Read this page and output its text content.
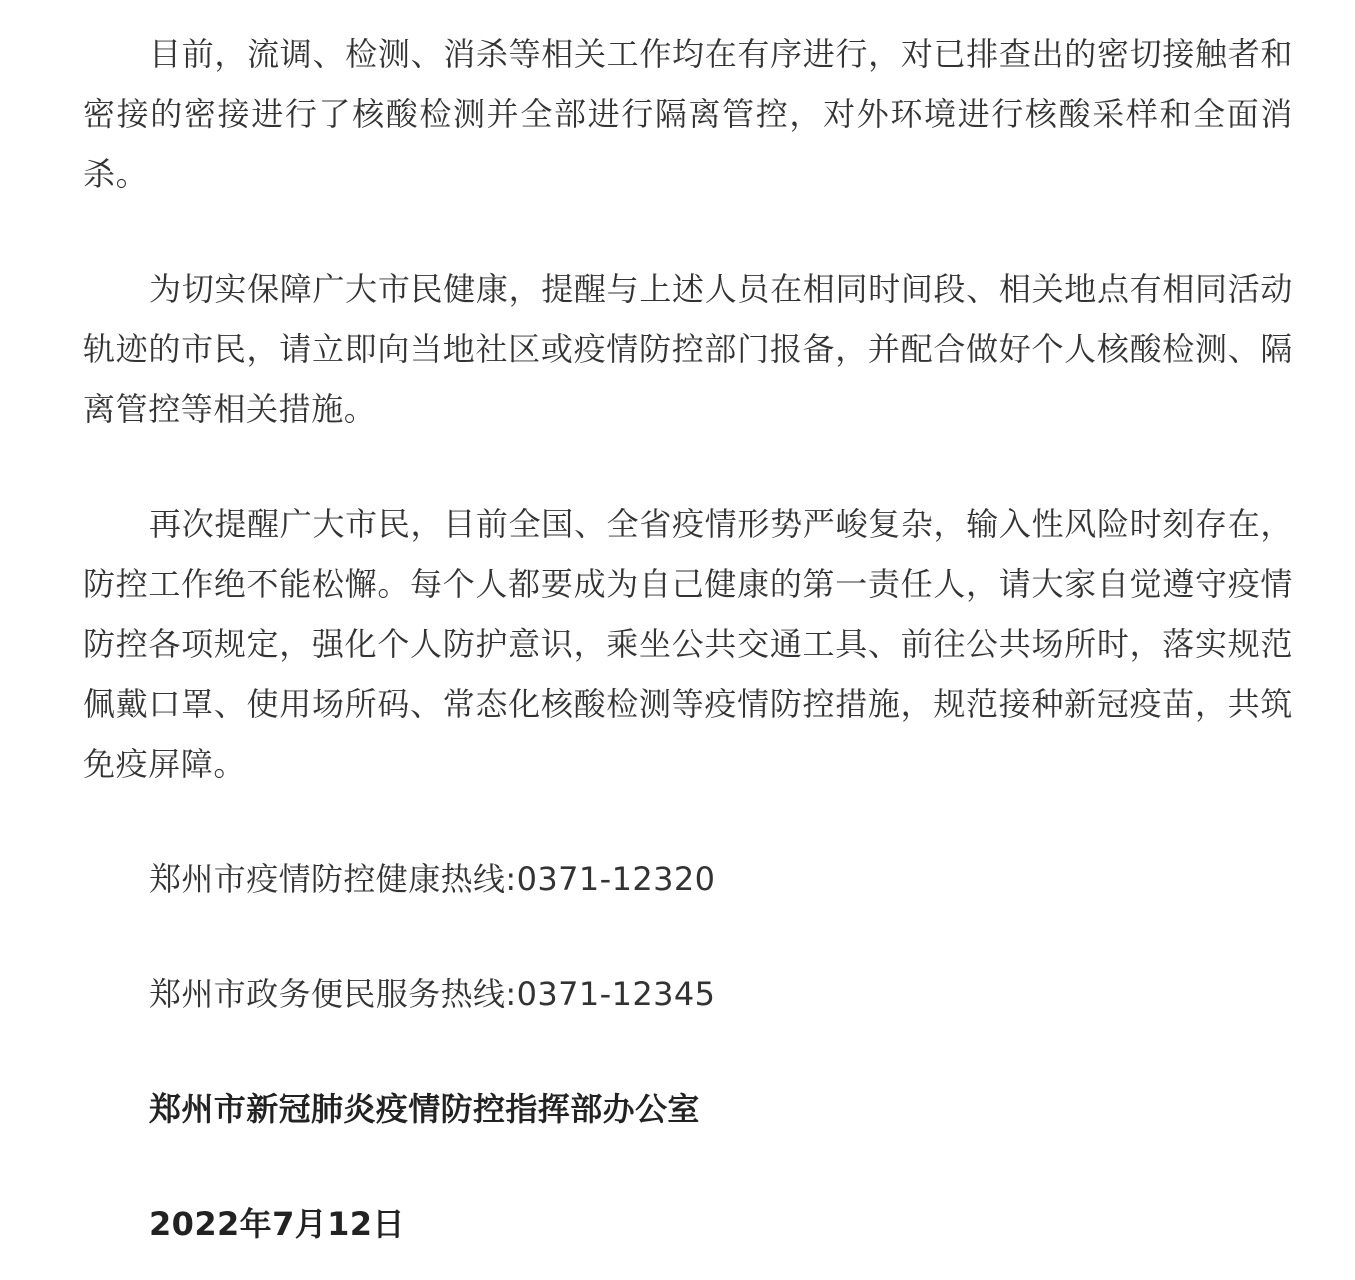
目前，流调、检测、消杀等相关工作均在有序进行，对已排查出的密切接触者和密接的密接进行了核酸检测并全部进行隔离管控，对外环境进行核酸采样和全面消杀。

为切实保障广大市民健康，提醒与上述人员在相同时间段、相关地点有相同活动轨迹的市民，请立即向当地社区或疫情防控部门报备，并配合做好个人核酸检测、隔离管控等相关措施。

再次提醒广大市民，目前全国、全省疫情形势严峻复杂，输入性风险时刻存在，防控工作绝不能松懈。每个人都要成为自己健康的第一责任人，请大家自觉遵守疫情防控各项规定，强化个人防护意识，乘坐公共交通工具、前往公共场所时，落实规范佩戴口罩、使用场所码、常态化核酸检测等疫情防控措施，规范接种新冠疫苗，共筑免疫屏障。

郑州市疫情防控健康热线:0371-12320

郑州市政务便民服务热线:0371-12345

郑州市新冠肺炎疫情防控指挥部办公室

2022年7月12日
